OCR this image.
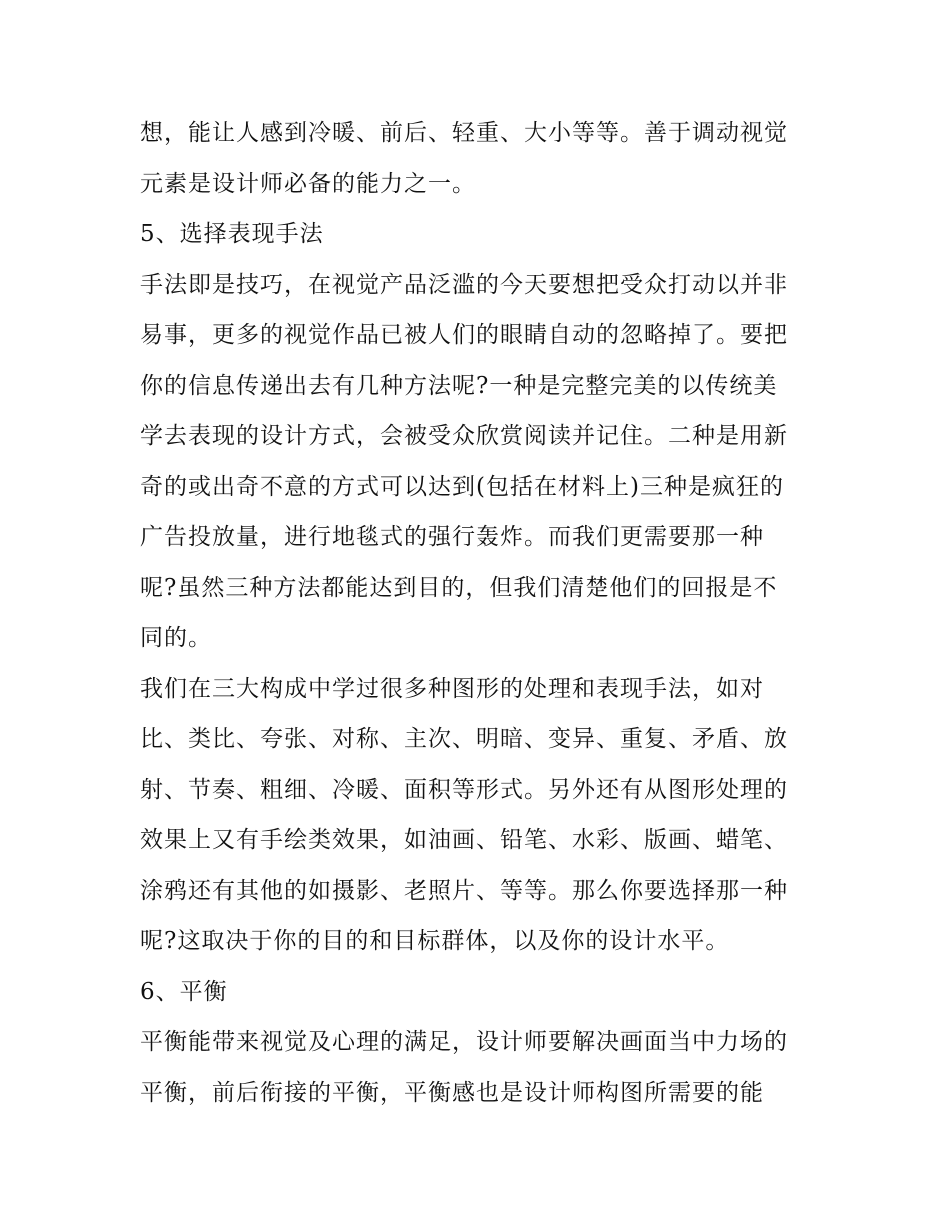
想，能让人感到冷暖、前后、轻重、大小等等。善于调动视觉
元素是设计师必备的能力之一。
5、选择表现手法
手法即是技巧，在视觉产品泛滥的今天要想把受众打动以并非
易事，更多的视觉作品已被人们的眼睛自动的忽略掉了。要把
你的信息传递出去有几种方法呢?一种是完整完美的以传统美
学去表现的设计方式，会被受众欣赏阅读并记住。二种是用新
奇的或出奇不意的方式可以达到(包括在材料上)三种是疯狂的
广告投放量，进行地毯式的强行轰炸。而我们更需要那一种
呢?虽然三种方法都能达到目的，但我们清楚他们的回报是不
同的。
我们在三大构成中学过很多种图形的处理和表现手法，如对
比、类比、夸张、对称、主次、明暗、变异、重复、矛盾、放
射、节奏、粗细、冷暖、面积等形式。另外还有从图形处理的
效果上又有手绘类效果，如油画、铅笔、水彩、版画、蜡笔、
涂鸦还有其他的如摄影、老照片、等等。那么你要选择那一种
呢?这取决于你的目的和目标群体，以及你的设计水平。
6、平衡
平衡能带来视觉及心理的满足，设计师要解决画面当中力场的
平衡，前后衔接的平衡，平衡感也是设计师构图所需要的能
